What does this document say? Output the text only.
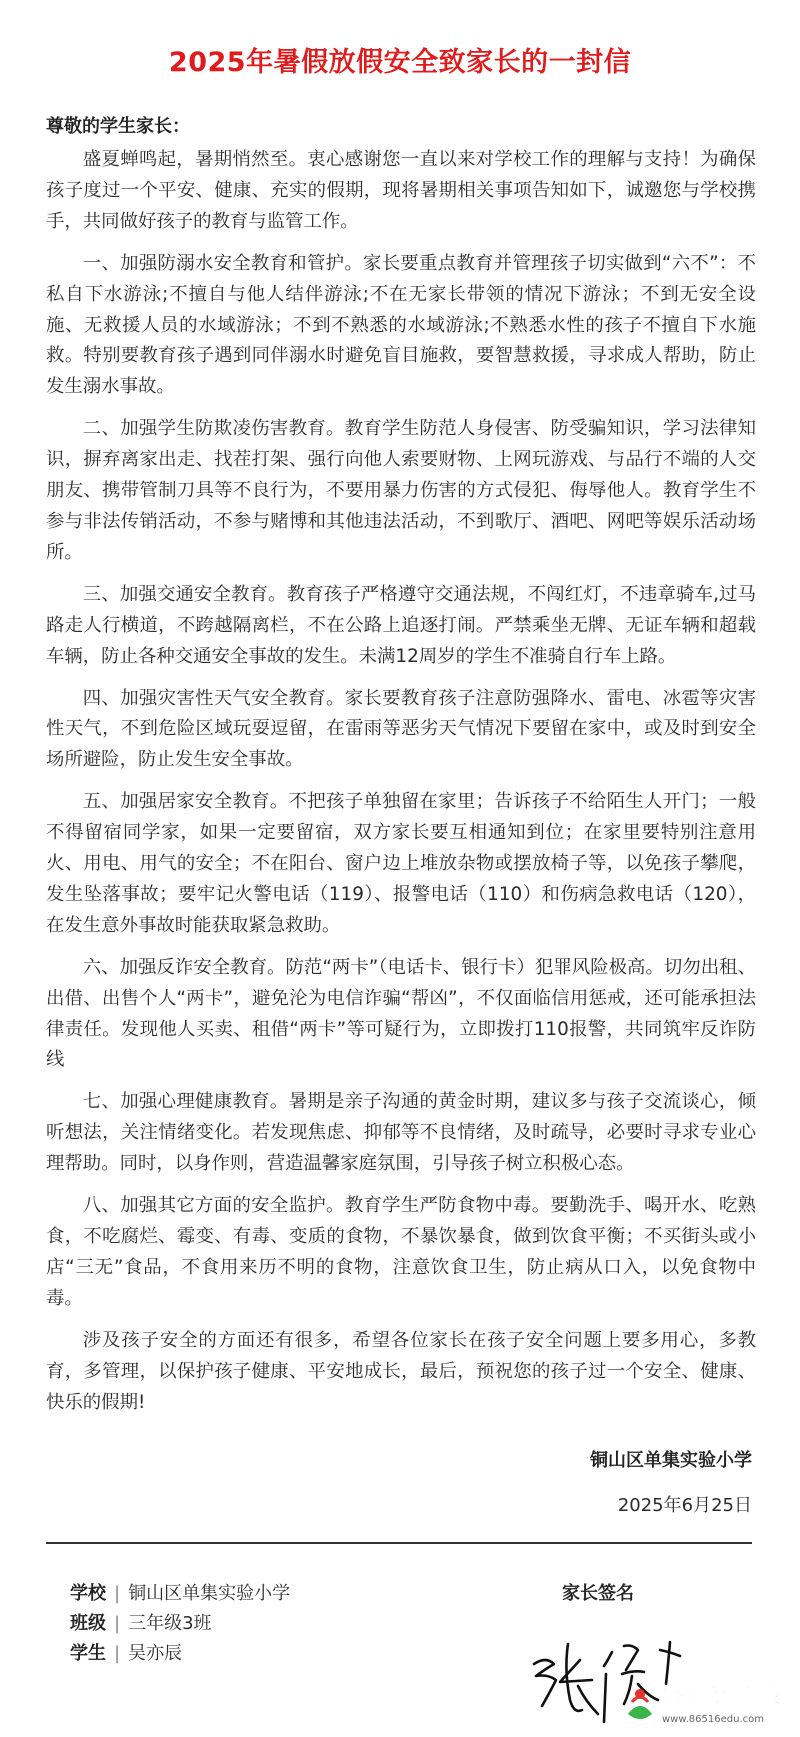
2025年暑假放假安全致家长的一封信
尊敬的学生家长：

盛夏蝉鸣起，暑期悄然至。衷心感谢您一直以来对学校工作的理解与支持！为确保孩子度过一个平安、健康、充实的假期，现将暑期相关事项告知如下，诚邀您与学校携手，共同做好孩子的教育与监管工作。

一、加强防溺水安全教育和管护。家长要重点教育并管理孩子切实做到“六不”：不私自下水游泳;不擅自与他人结伴游泳;不在无家长带领的情况下游泳；不到无安全设施、无救援人员的水域游泳；不到不熟悉的水域游泳;不熟悉水性的孩子不擅自下水施救。特别要教育孩子遇到同伴溺水时避免盲目施救，要智慧救援，寻求成人帮助，防止发生溺水事故。

二、加强学生防欺凌伤害教育。教育学生防范人身侵害、防受骗知识，学习法律知识，摒弃离家出走、找茬打架、强行向他人索要财物、上网玩游戏、与品行不端的人交朋友、携带管制刀具等不良行为，不要用暴力伤害的方式侵犯、侮辱他人。教育学生不参与非法传销活动，不参与赌博和其他违法活动，不到歌厅、酒吧、网吧等娱乐活动场所。

三、加强交通安全教育。教育孩子严格遵守交通法规，不闯红灯，不违章骑车,过马路走人行横道，不跨越隔离栏，不在公路上追逐打闹。严禁乘坐无牌、无证车辆和超载车辆，防止各种交通安全事故的发生。未满12周岁的学生不准骑自行车上路。

四、加强灾害性天气安全教育。家长要教育孩子注意防强降水、雷电、冰雹等灾害性天气，不到危险区域玩耍逗留，在雷雨等恶劣天气情况下要留在家中，或及时到安全场所避险，防止发生安全事故。

五、加强居家安全教育。不把孩子单独留在家里；告诉孩子不给陌生人开门；一般不得留宿同学家，如果一定要留宿，双方家长要互相通知到位；在家里要特别注意用火、用电、用气的安全；不在阳台、窗户边上堆放杂物或摆放椅子等，以免孩子攀爬，发生坠落事故；要牢记火警电话（119）、报警电话（110）和伤病急救电话（120），在发生意外事故时能获取紧急救助。

六、加强反诈安全教育。防范“两卡”（电话卡、银行卡）犯罪风险极高。切勿出租、出借、出售个人“两卡”，避免沦为电信诈骗“帮凶”，不仅面临信用惩戒，还可能承担法律责任。发现他人买卖、租借“两卡”等可疑行为，立即拨打110报警，共同筑牢反诈防线

七、加强心理健康教育。暑期是亲子沟通的黄金时期，建议多与孩子交流谈心，倾听想法，关注情绪变化。若发现焦虑、抑郁等不良情绪，及时疏导，必要时寻求专业心理帮助。同时，以身作则，营造温馨家庭氛围，引导孩子树立积极心态。

八、加强其它方面的安全监护。教育学生严防食物中毒。要勤洗手、喝开水、吃熟食，不吃腐烂、霉变、有毒、变质的食物，不暴饮暴食，做到饮食平衡；不买街头或小店“三无”食品，不食用来历不明的食物，注意饮食卫生，防止病从口入，以免食物中毒。

涉及孩子安全的方面还有很多，希望各位家长在孩子安全问题上要多用心，多教育，多管理，以保护孩子健康、平安地成长，最后，预祝您的孩子过一个安全、健康、快乐的假期!

铜山区单集实验小学
2025年6月25日
学校 | 铜山区单集实验小学
班级 | 三年级3班
学生 | 吴亦辰
家长签名
徐州教育在线
www.86516edu.com
